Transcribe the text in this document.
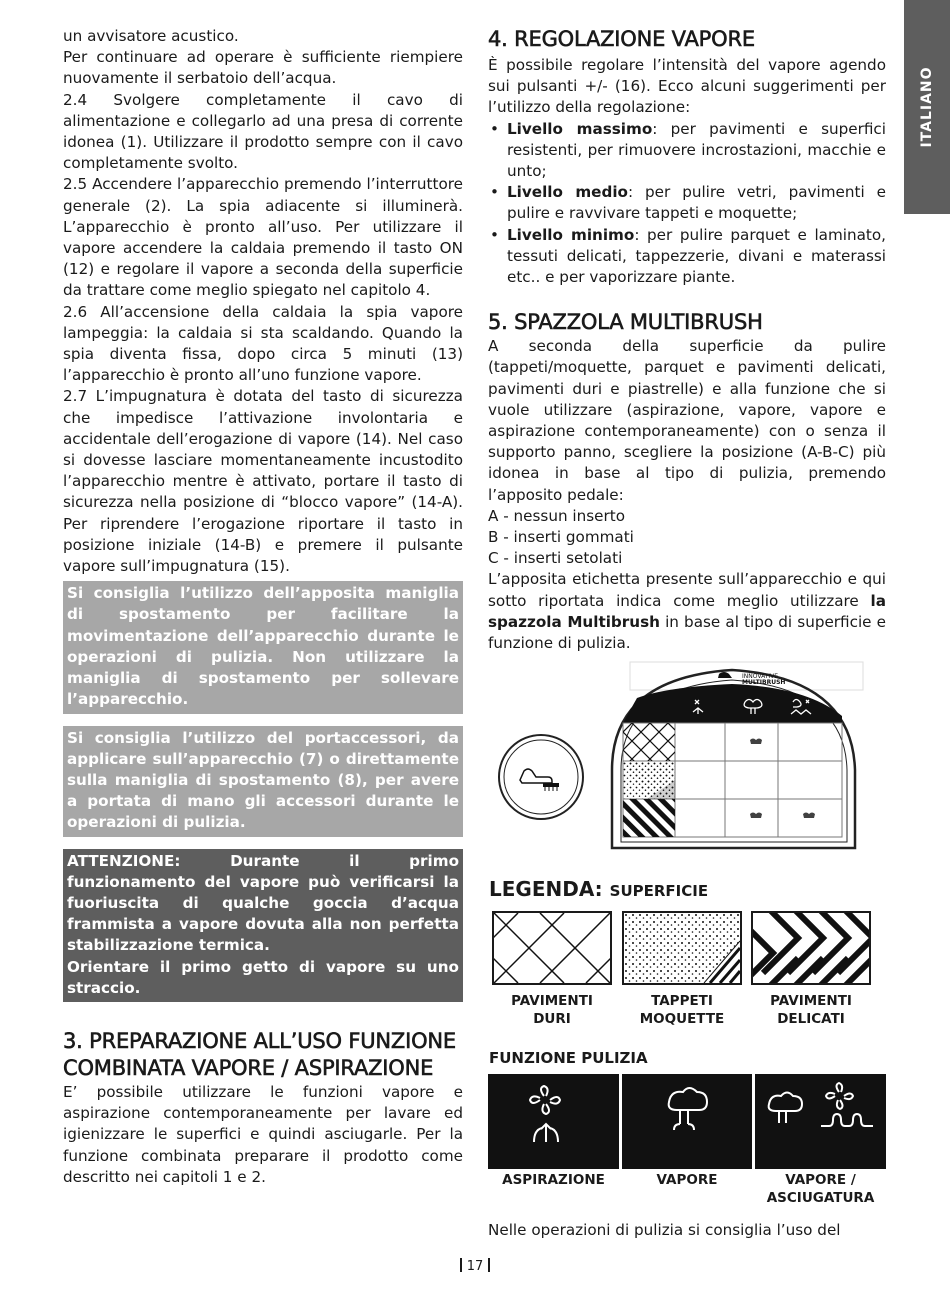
ITALIANO

un avvisatore acustico.

Per continuare ad operare è sufficiente riempiere nuovamente il serbatoio dell’acqua.

2.4 Svolgere completamente il cavo di alimentazione e collegarlo ad una presa di corrente idonea (1). Utilizzare il prodotto sempre con il cavo completamente svolto.

2.5 Accendere l’apparecchio premendo l’interruttore generale (2). La spia adiacente si illuminerà. L’apparecchio è pronto all’uso. Per utilizzare il vapore accendere la caldaia premendo il tasto ON (12) e regolare il vapore a seconda della superficie da trattare come meglio spiegato nel capitolo 4.

2.6 All’accensione della caldaia la spia vapore lampeggia: la caldaia si sta scaldando. Quando la spia diventa fissa, dopo circa 5 minuti (13) l’apparecchio è pronto all’uno funzione vapore.

2.7 L’impugnatura è dotata del tasto di sicurezza che impedisce l’attivazione involontaria e accidentale dell’erogazione di vapore (14). Nel caso si dovesse lasciare momentaneamente incustodito l’apparecchio mentre è attivato, portare il tasto di sicurezza nella posizione di “blocco vapore” (14-A). Per riprendere l’erogazione riportare il tasto in posizione iniziale (14-B) e premere il pulsante vapore sull’impugnatura (15).

Si consiglia l’utilizzo dell’apposita maniglia di spostamento per facilitare la movimentazione dell’apparecchio durante le operazioni di pulizia. Non utilizzare la maniglia di spostamento per sollevare l’apparecchio.

Si consiglia l’utilizzo del portaccessori, da applicare sull’apparecchio (7) o direttamente sulla maniglia di spostamento (8), per avere a portata di mano gli accessori durante le operazioni di pulizia.

ATTENZIONE:	Durante il primo funzionamento del vapore può verificarsi la fuoriuscita di qualche goccia d’acqua frammista a vapore dovuta alla non perfetta stabilizzazione termica.

Orientare il primo getto di vapore su uno straccio.

3. PREPARAZIONE ALL’USO FUNZIONE COMBINATA VAPORE / ASPIRAZIONE

E’ possibile utilizzare le funzioni vapore e aspirazione contemporaneamente per lavare ed igienizzare le superfici e quindi asciugarle. Per la funzione combinata preparare il prodotto come descritto nei capitoli 1 e 2.

4. REGOLAZIONE VAPORE

È possibile regolare l’intensità del vapore agendo sui pulsanti +/- (16). Ecco alcuni suggerimenti per l’utilizzo della regolazione:

• Livello massimo: per pavimenti e superfici resistenti, per rimuovere incrostazioni, macchie e unto;
• Livello medio: per pulire vetri, pavimenti e pulire e ravvivare tappeti e moquette;
• Livello minimo: per pulire parquet e laminato, tessuti delicati, tappezzerie, divani e materassi etc.. e per vaporizzare piante.
5. SPAZZOLA MULTIBRUSH

A seconda della superficie da pulire (tappeti/moquette, parquet e pavimenti delicati, pavimenti duri e piastrelle) e alla funzione che si vuole utilizzare (aspirazione, vapore, vapore e aspirazione contemporaneamente) con o senza il supporto panno, scegliere la posizione (A-B-C) più idonea in base al tipo di pulizia, premendo l’apposito pedale:

A - nessun inserto

B - inserti gommati

C - inserti setolati

L’apposita etichetta presente sull’apparecchio e qui sotto riportata indica come meglio utilizzare la spazzola Multibrush in base al tipo di superficie e funzione di pulizia.

INNOVATIVE
MULTIBRUSH
LEGENDA: SUPERFICIE
PAVIMENTI
DURI
TAPPETI
MOQUETTE
PAVIMENTI
DELICATI
FUNZIONE PULIZIA
ASPIRAZIONE	VAPORE	VAPORE /
ASCIUGATURA
Nelle operazioni di pulizia si consiglia l’uso del
17
